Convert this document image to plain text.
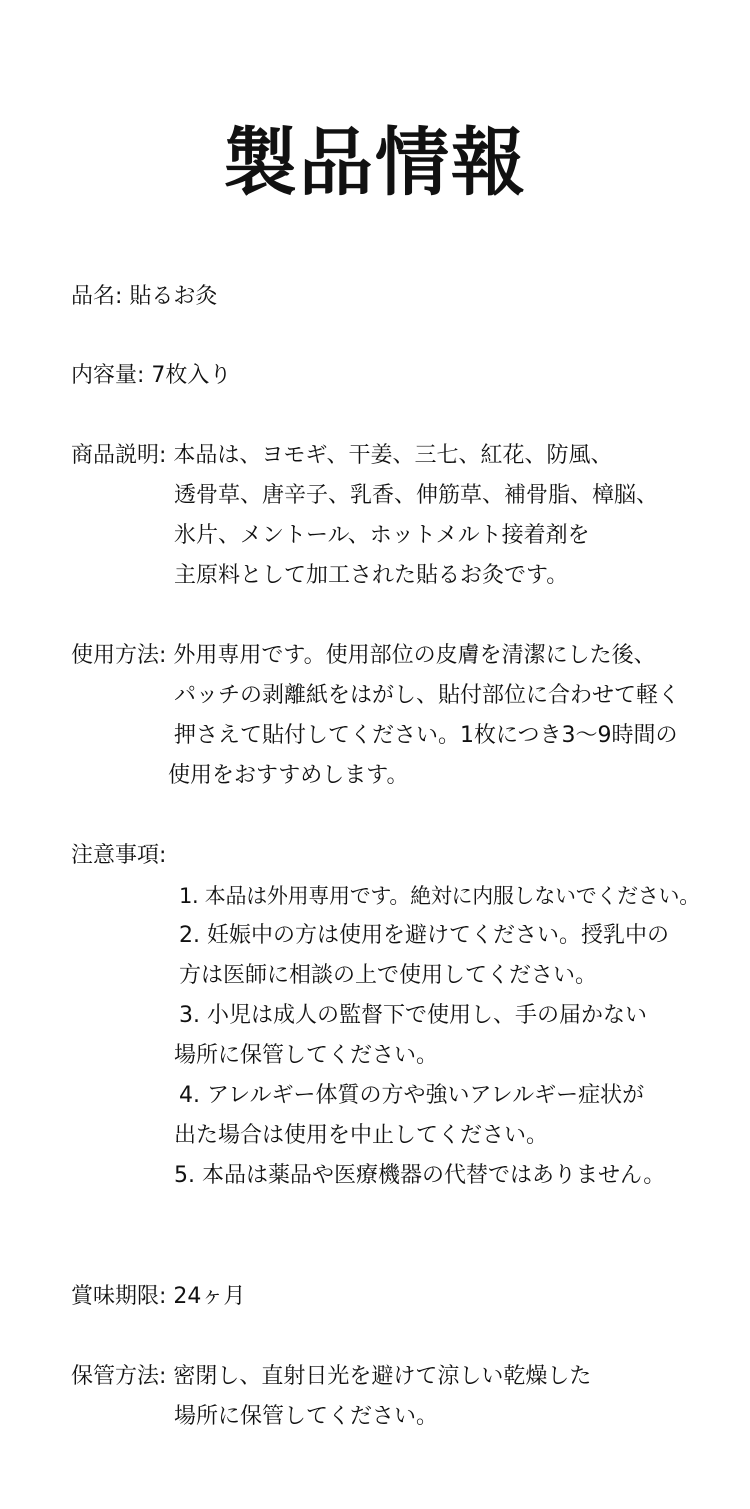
製品情報
品名: 貼るお灸
内容量: 7枚入り
商品説明: 本品は、ヨモギ、干姜、三七、紅花、防風、
透骨草、唐辛子、乳香、伸筋草、補骨脂、樟脳、
氷片、メントール、ホットメルト接着剤を
主原料として加工された貼るお灸です。
使用方法: 外用専用です。使用部位の皮膚を清潔にした後、
パッチの剥離紙をはがし、貼付部位に合わせて軽く
押さえて貼付してください。1枚につき3〜9時間の
使用をおすすめします。
注意事項:
1. 本品は外用専用です。絶対に内服しないでください。
2. 妊娠中の方は使用を避けてください。授乳中の
方は医師に相談の上で使用してください。
3. 小児は成人の監督下で使用し、手の届かない
場所に保管してください。
4. アレルギー体質の方や強いアレルギー症状が
出た場合は使用を中止してください。
5. 本品は薬品や医療機器の代替ではありません。
賞味期限: 24ヶ月
保管方法: 密閉し、直射日光を避けて涼しい乾燥した
場所に保管してください。
